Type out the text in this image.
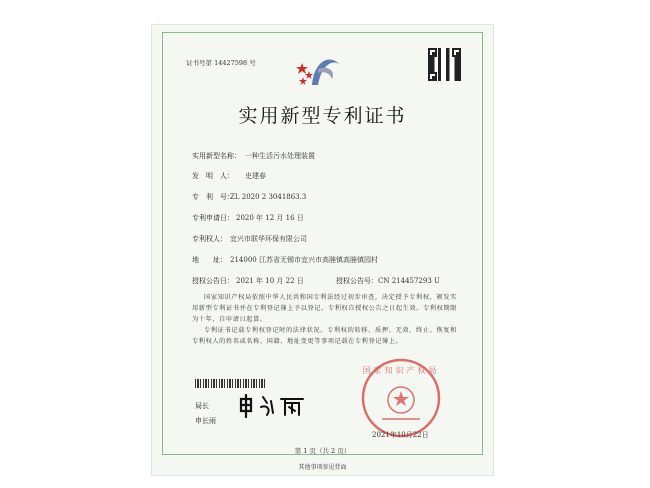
证书号第 14427598 号
实用新型专利证书
实用新型名称： 一种生活污水处理装置
发　明　人： 史建春
专　利　号：
ZL 2020 2 3041863.3
专利申请日： 2020 年 12 月 16 日
专利权人： 宜兴市联华环保有限公司
地　　址： 214000 江苏省无锡市宜兴市高塍镇高塍镇园村
授权公告日： 2021 年 10 月 22 日	授权公告号： CN 214457293 U
国家知识产权局依照中华人民共和国专利法经过初步审查，决定授予专利权，颁发实用新型专利证书并在专利登记簿上予以登记。专利权自授权公告之日起生效。专利权期限为十年，自申请日起算。
专利证书记载专利权登记时的法律状况。专利权的转移、质押、无效、终止、恢复和专利权人的姓名或名称、国籍、地址变更等事项记载在专利登记簿上。
局长
申长雨
国家知识产权局
2021年10月22日
第 1 页（共 2 页）
其他事项参见背面
